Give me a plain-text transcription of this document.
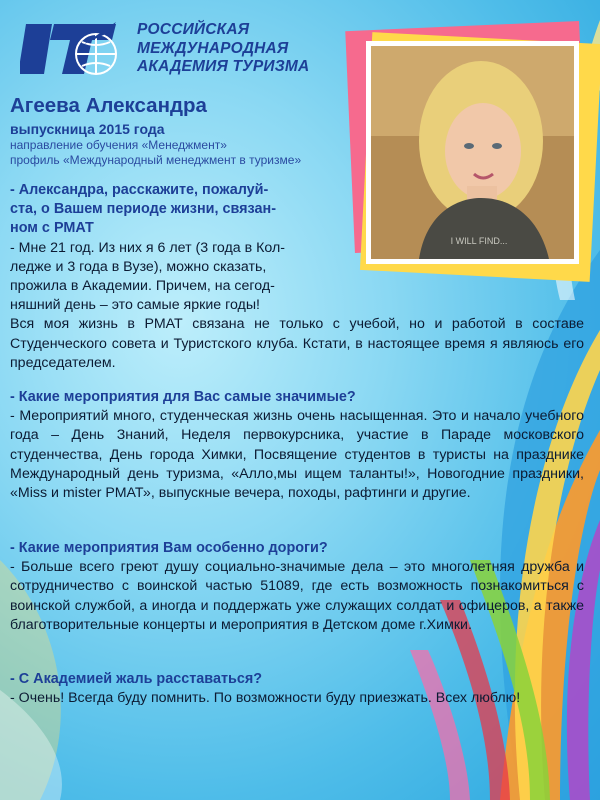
РОССИЙСКАЯ
МЕЖДУНАРОДНАЯ
АКАДЕМИЯ ТУРИЗМА
I WILL FIND...
Агеева Александра
выпускница 2015 года
направление обучения «Менеджмент»
профиль «Международный менеджмент в туризме»
- Александра, расскажите, пожалуй-
ста, о Вашем периоде жизни, связан-
ном с РМАТ
- Мне 21 год. Из них я 6 лет (3 года в Кол-
ледже и 3 года в Вузе), можно сказать,
прожила в Академии. Причем, на сегод-
няшний день – это самые яркие годы!
Вся моя жизнь в РМАТ связана не только с учебой, но и работой в составе Студенческого совета и Туристского клуба. Кстати, в настоящее время я являюсь его председателем.
- Какие мероприятия для Вас самые значимые?
- Мероприятий много, студенческая жизнь очень насыщенная. Это и начало учебного года – День Знаний, Неделя первокурсника, участие в Параде московского студенчества, День города Химки, Посвящение студентов в туристы на празднике Международный день туризма, «Алло,мы ищем таланты!», Новогодние праздники, «Miss и mister РМАТ», выпускные вечера, походы, рафтинги и другие.
- Какие мероприятия Вам особенно дороги?
- Больше всего греют душу социально-значимые дела – это многолетняя дружба и сотрудничество с воинской частью 51089, где есть возможность познакомиться с воинской службой, а иногда и поддержать уже служащих солдат и офицеров, а также благотворительные концерты и мероприятия в Детском доме г.Химки.
- С Академией жаль расставаться?
- Очень! Всегда буду помнить. По возможности буду приезжать. Всех люблю!
